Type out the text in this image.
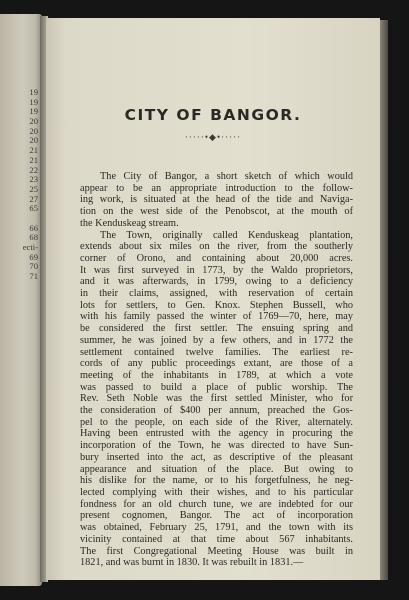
19
19
19
20
20
20
21
21
22
23
25
27
65
66
68
ecti-
69
70
71
CITY OF BANGOR.
·····•◆•·····
The City of Bangor, a short sketch of which would
appear to be an appropriate introduction to the follow-
ing work, is situated at the head of the tide and Naviga-
tion on the west side of the Penobscot, at the mouth of
the Kenduskeag stream.
The Town, originally called Kenduskeag plantation,
extends about six miles on the river, from the southerly
corner of Orono, and containing about 20,000 acres.
It was first surveyed in 1773, by the Waldo proprietors,
and it was afterwards, in 1799, owing to a deficiency
in their claims, assigned, with reservation of certain
lots for settlers, to Gen. Knox. Stephen Bussell, who
with his family passed the winter of 1769—70, here, may
be considered the first settler. The ensuing spring and
summer, he was joined by a few others, and in 1772 the
settlement contained twelve families. The earliest re-
cords of any public proceedings extant, are those of a
meeting of the inhabitants in 1789, at which a vote
was passed to build a place of public worship. The
Rev. Seth Noble was the first settled Minister, who for
the consideration of $400 per annum, preached the Gos-
pel to the people, on each side of the River, alternately.
Having been entrusted with the agency in procuring the
incorporation of the Town, he was directed to have Sun-
bury inserted into the act, as descriptive of the pleasant
appearance and situation of the place. But owing to
his dislike for the name, or to his forgetfulness, he neg-
lected complying with their wishes, and to his particular
fondness for an old church tune, we are indebted for our
present cognomen, Bangor. The act of incorporation
was obtained, February 25, 1791, and the town with its
vicinity contained at that time about 567 inhabitants.
The first Congregational Meeting House was built in
1821, and was burnt in 1830. It was rebuilt in 1831.—
